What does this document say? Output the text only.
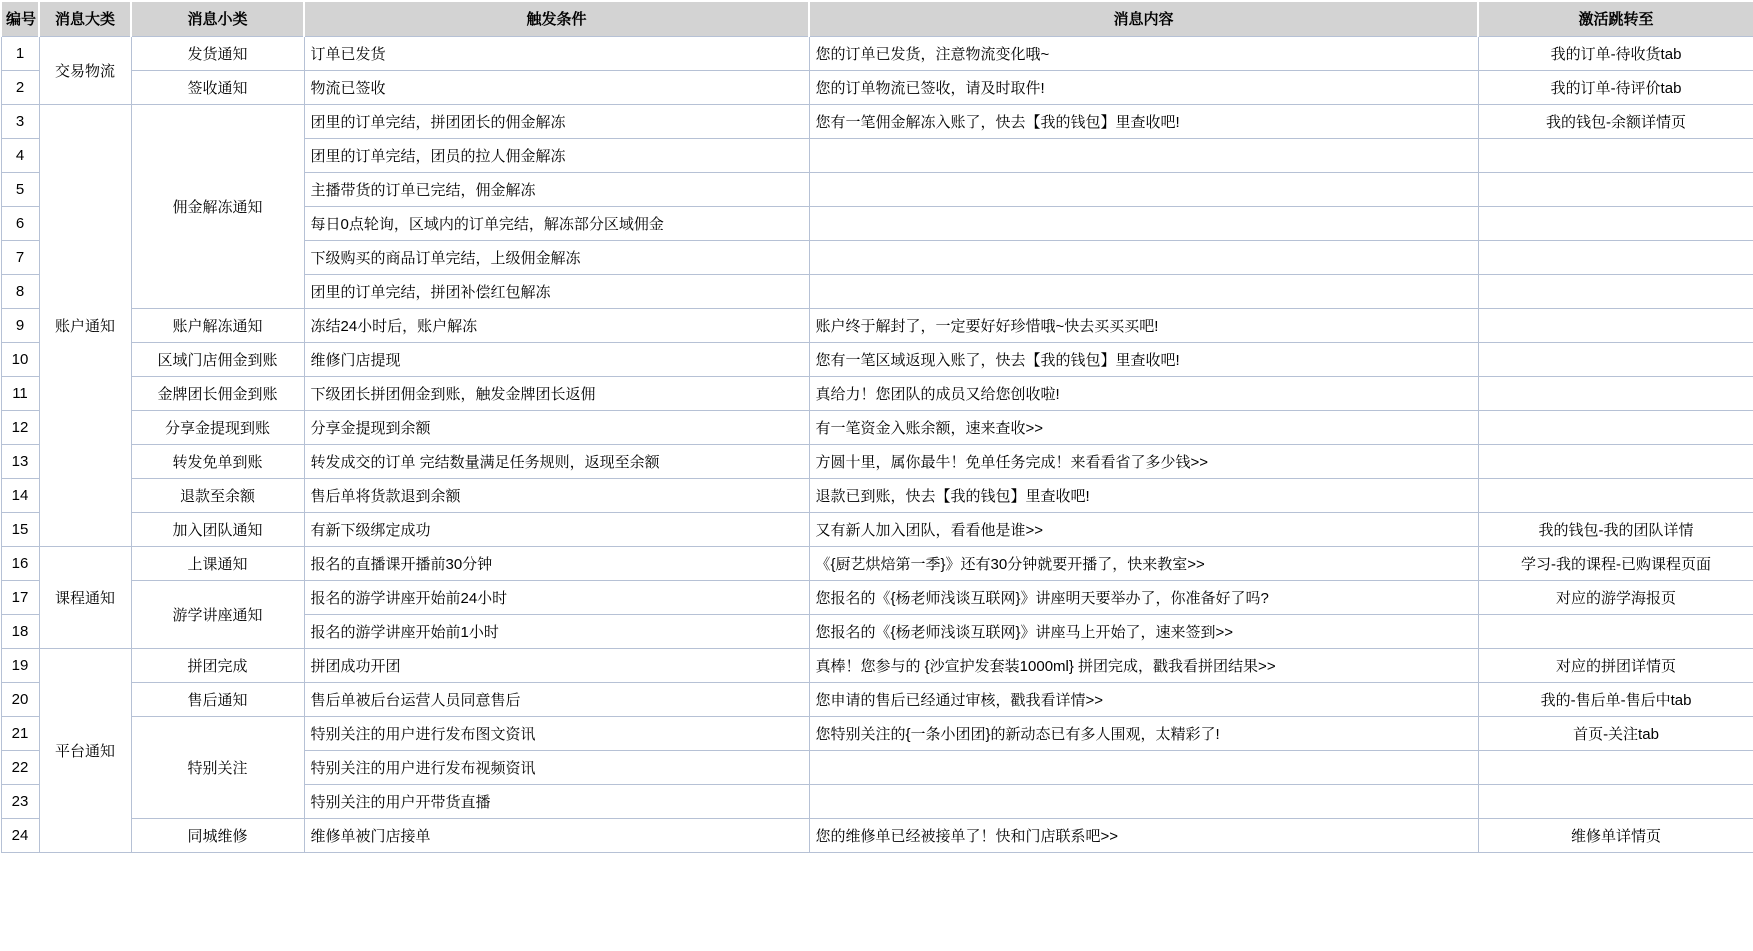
编号	消息大类	消息小类	触发条件	消息内容	激活跳转至
1	交易物流	发货通知	订单已发货	您的订单已发货，注意物流变化哦~	我的订单-待收货tab
2		签收通知	物流已签收	您的订单物流已签收，请及时取件!	我的订单-待评价tab
3	账户通知	佣金解冻通知	团里的订单完结，拼团团长的佣金解冻	您有一笔佣金解冻入账了，快去【我的钱包】里查收吧!	我的钱包-余额详情页
4			团里的订单完结，团员的拉人佣金解冻		
5			主播带货的订单已完结，佣金解冻		
6			每日0点轮询，区域内的订单完结，解冻部分区域佣金		
7			下级购买的商品订单完结，上级佣金解冻		
8			团里的订单完结，拼团补偿红包解冻		
9		账户解冻通知	冻结24小时后，账户解冻	账户终于解封了，一定要好好珍惜哦~快去买买买吧!	
10		区域门店佣金到账	维修门店提现	您有一笔区域返现入账了，快去【我的钱包】里查收吧!	
11		金牌团长佣金到账	下级团长拼团佣金到账，触发金牌团长返佣	真给力！您团队的成员又给您创收啦!	
12		分享金提现到账	分享金提现到余额	有一笔资金入账余额，速来查收>>	
13		转发免单到账	转发成交的订单 完结数量满足任务规则，返现至余额	方圆十里，属你最牛！免单任务完成！来看看省了多少钱>>	
14		退款至余额	售后单将货款退到余额	退款已到账，快去【我的钱包】里查收吧!	
15		加入团队通知	有新下级绑定成功	又有新人加入团队，看看他是谁>>	我的钱包-我的团队详情
16	课程通知	上课通知	报名的直播课开播前30分钟	《{厨艺烘焙第一季}》还有30分钟就要开播了，快来教室>>	学习-我的课程-已购课程页面
17		游学讲座通知	报名的游学讲座开始前24小时	您报名的《{杨老师浅谈互联网}》讲座明天要举办了，你准备好了吗?	对应的游学海报页
18			报名的游学讲座开始前1小时	您报名的《{杨老师浅谈互联网}》讲座马上开始了，速来签到>>	
19	平台通知	拼团完成	拼团成功开团	真棒！您参与的 {沙宣护发套装1000ml} 拼团完成，戳我看拼团结果>>	对应的拼团详情页
20		售后通知	售后单被后台运营人员同意售后	您申请的售后已经通过审核，戳我看详情>>	我的-售后单-售后中tab
21		特别关注	特别关注的用户进行发布图文资讯	您特别关注的{一条小团团}的新动态已有多人围观，太精彩了!	首页-关注tab
22			特别关注的用户进行发布视频资讯		
23			特别关注的用户开带货直播		
24		同城维修	维修单被门店接单	您的维修单已经被接单了！快和门店联系吧>>	维修单详情页
